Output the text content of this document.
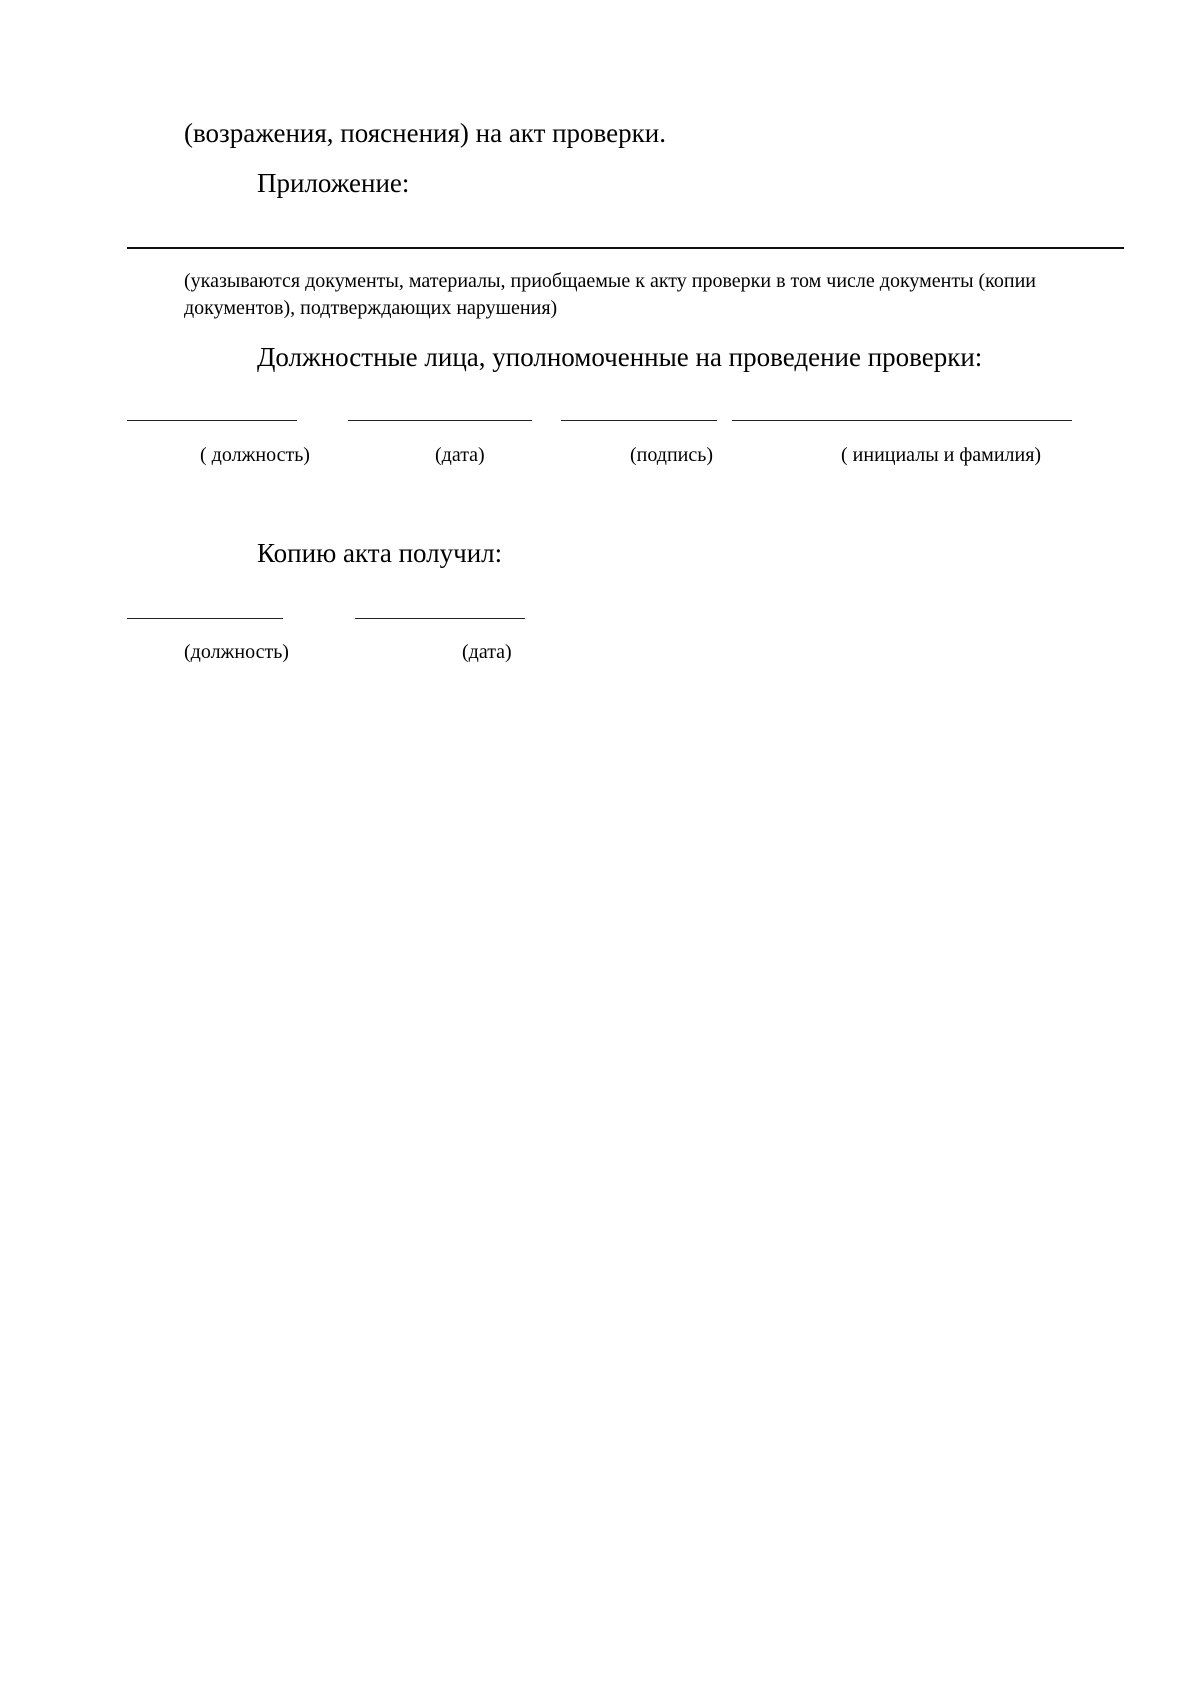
(возражения, пояснения) на акт проверки.
Приложение:
(указываются документы, материалы, приобщаемые к акту проверки в том числе документы (копии документов), подтверждающих нарушения)
Должностные лица, уполномоченные на проведение проверки:
( должность)	(дата)	(подпись)	( инициалы и фамилия)
Копию акта получил:
(должность)	(дата)
